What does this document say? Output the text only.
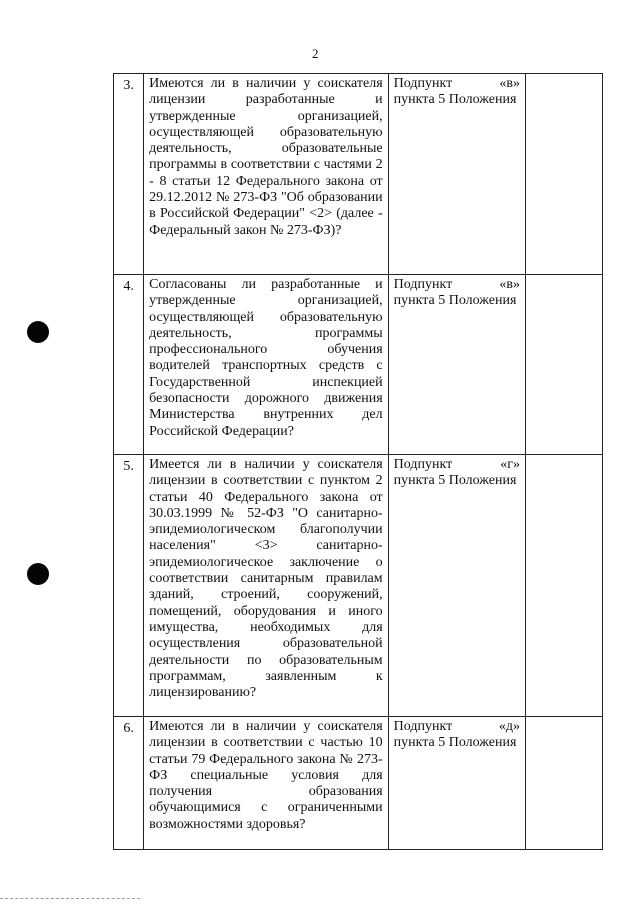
2
3.	Имеются ли в наличии у соискателя лицензии разработанные и утвержденные организацией, осуществляющей образовательную деятельность, образовательные программы в соответствии с частями 2 - 8 статьи 12 Федерального закона от 29.12.2012 № 273-ФЗ "Об образовании в Российской Федерации" <2> (далее - Федеральный закон № 273-ФЗ)?	Подпункт «в» пункта 5 Положения	
4.	Согласованы ли разработанные и утвержденные организацией, осуществляющей образовательную деятельность, программы профессионального обучения водителей транспортных средств с Государственной инспекцией безопасности дорожного движения Министерства внутренних дел Российской Федерации?	Подпункт «в» пункта 5 Положения	
5.	Имеется ли в наличии у соискателя лицензии в соответствии с пунктом 2 статьи 40 Федерального закона от 30.03.1999 № 52-ФЗ "О санитарно-эпидемиологическом благополучии населения" <3> санитарно-эпидемиологическое заключение о соответствии санитарным правилам зданий, строений, сооружений, помещений, оборудования и иного имущества, необходимых для осуществления образовательной деятельности по образовательным программам, заявленным к лицензированию?	Подпункт «г» пункта 5 Положения	
6.	Имеются ли в наличии у соискателя лицензии в соответствии с частью 10 статьи 79 Федерального закона № 273-ФЗ специальные условия для получения образования обучающимися с ограниченными возможностями здоровья?	Подпункт «д» пункта 5 Положения	
